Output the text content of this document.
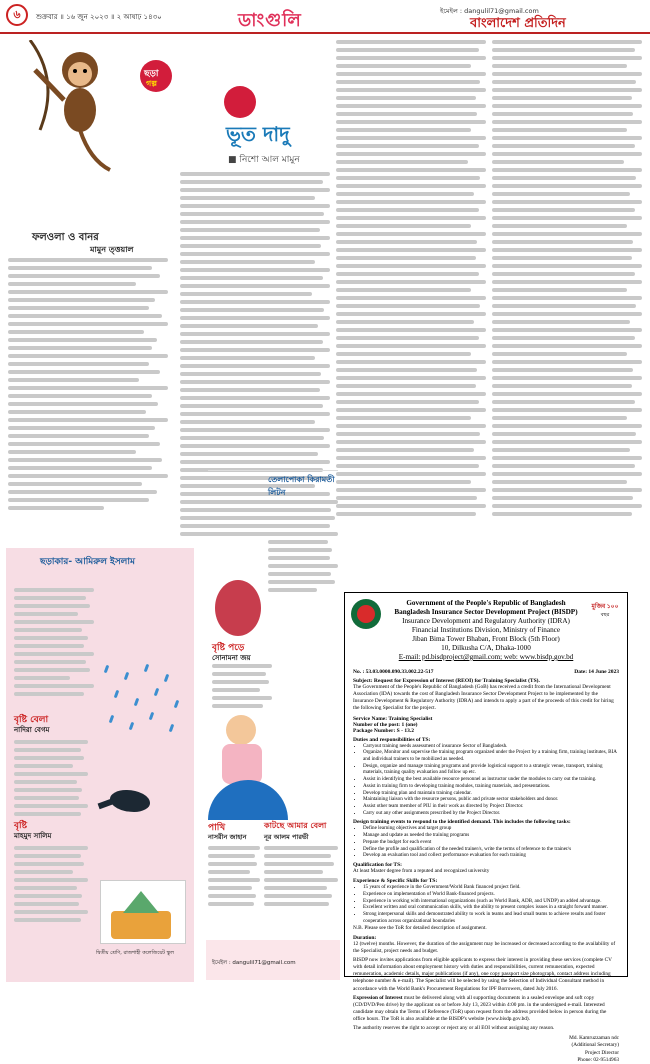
৬	শুক্রবার ॥ ১৬ জুন ২০২৩ ॥ ২ আষাঢ় ১৪৩০	ডাংগুলি	ইমেইল : dangulil71@gmail.com
বাংলাদেশ প্রতিদিন
ছড়া
গল্প
ফলওলা ও বানর
মামুন ত্ত্তয়াল
ছড়াকার- আমিরুল ইসলাম
বৃষ্টি বেলা
নাদিরা বেগম
বৃষ্টি
মাহমুদ সালিম
দ্বিতীয় শ্রেণি, রাজশাহী কলেজিয়েট স্কুল
ভূত দাদু
■ নিশো আল মামুন
তেলাপোকা কিরামতী লিটন
বৃষ্টি পড়ে
সোনামনা জয়
কাটছে আমার বেলা
নূর আলম পারভী
পাখি
নাসরীন জাহান
ইমেইল : dangulil71@gmail.com
মুজিব ১০০
বছর
Government of the People's Republic of Bangladesh
Bangladesh Insurance Sector Development Project (BISDP)
Insurance Development and Regulatory Authority (IDRA)
Financial Institutions Division, Ministry of Finance
Jiban Bima Tower Bhaban, Front Block (5th Floor)
10, Dilkusha C/A, Dhaka-1000
E-mail: pd.bisdproject@gmail.com; web: www.bisdp.gov.bd
No. : 53.03.0000.090.33.002.22-517	Date: 14 June 2023
Subject: Request for Expression of Interest (REOI) for Training Specialist (TS).
The Government of the People's Republic of Bangladesh (GoB) has received a credit from the International Development Association (IDA) towards the cost of Bangladesh Insurance Sector Development Project to be implemented by the Insurance Development & Regulatory Authority (IDRA) and intends to apply a part of the proceeds of this credit for hiring the following Specialist for the project.
Service Name: Training Specialist
Number of the post: 1 (one)
Package Number: S - 13.2
Duties and responsibilities of TS:
• Carryout training needs assessment of insurance Sector of Bangladesh.
• Organize, Monitor and supervise the training program organized under the Project by a training firm, training institutes, BIA and individual trainers to be mobilized as needed.
• Design, organize and manage training programs and provide logistical support to a strategic venue, transport, training materials, training quality evaluation and follow up etc.
• Assist in identifying the best available resource personnel as instructor under the modules to carry out the training.
• Assist in training firm to developing training modules, training materials, and presentations.
• Develop training plan and maintain training calendar.
• Maintaining liaison with the resource persons, public and private sector stakeholders and donor.
• Assist other team member of PIU in their work as directed by Project Director.
• Carry out any other assignments prescribed by the Project Director.
Design training events to respond to the identified demand. This includes the following tasks:
• Define learning objectives and target group
• Manage and update as needed the training programs
• Prepare the budget for each event
• Define the profile and qualification of the needed trainer/s, write the terms of reference to the trainer/s
• Develop an evaluation tool and collect performance evaluation for each training
Qualification for TS:
At least Master degree from a reputed and recognized university
Experience & Specific Skills for TS:
• 15 years of experience in the Government/World Bank financed project field.
• Experience on implementation of World Bank-financed projects.
• Experience in working with international organizations (such as World Bank, ADB, and UNDP) an added advantage.
• Excellent written and oral communication skills, with the ability to present complex issues in a straight forward manner.
• Strong interpersonal skills and demonstrated ability to work in teams and lead small teams to achieve results and foster cooperation across organizational boundaries
N.B. Please see the ToR for detailed description of assignment.
Duration:
12 (twelve) months. However, the duration of the assignment may be increased or decreased according to the availability of the Specialist, project needs and budget.
BISDP now invites applications from eligible applicants to express their interest in providing these services (complete CV with detail information about employment history with duties and responsibilities, current remuneration, expected remuneration, academic details, major publications (if any), one copy passport size photograph, contact address including telephone number & e-mail). The Specialist will be selected by using the Selection of Individual Consultant method in accordance with the World Bank's Procurement Regulations for IPF Borrowers, dated July 2016.
Expression of Interest must be delivered along with all supporting documents in a sealed envelope and soft copy (CD/DVD/Pen drive) by the applicant on or before July 13, 2023 within 4:00 pm. in the undersigned e-mail. Interested candidate may obtain the Terms of Reference (ToR) upon request from the address provided below in person during the office hours. The ToR is also available at the BISDP's website (www.bisdp.gov.bd).
The authority reserves the right to accept or reject any or all EOI without assigning any reason.
Md. Kamruzzaman ndc
(Additional Secretary)
Project Director
Phone: 02-9514963
